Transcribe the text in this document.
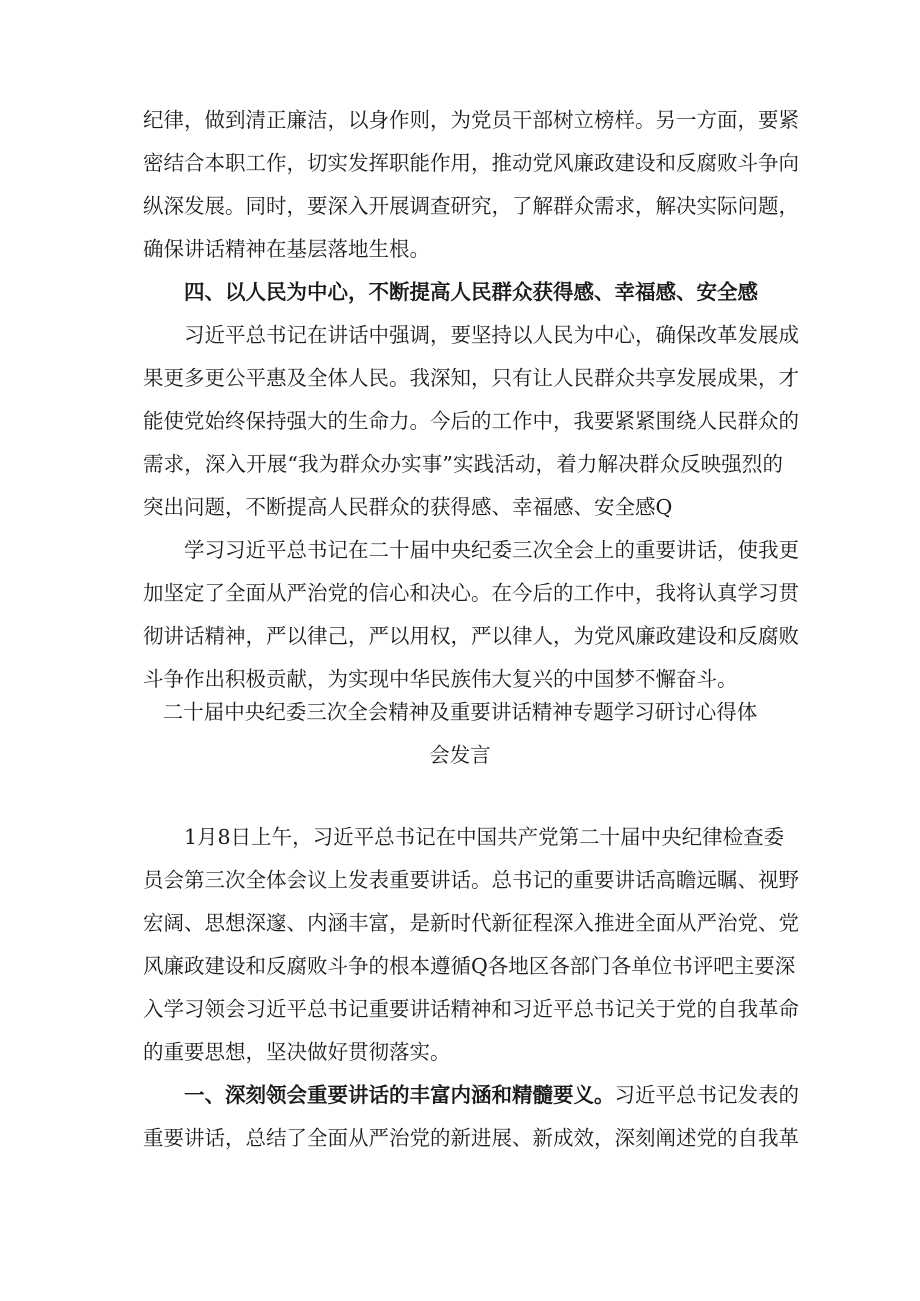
纪律，做到清正廉洁，以身作则，为党员干部树立榜样。另一方面，要紧
密结合本职工作，切实发挥职能作用，推动党风廉政建设和反腐败斗争向
纵深发展。同时，要深入开展调查研究，了解群众需求，解决实际问题，
确保讲话精神在基层落地生根。
四、以人民为中心，不断提高人民群众获得感、幸福感、安全感
习近平总书记在讲话中强调，要坚持以人民为中心，确保改革发展成
果更多更公平惠及全体人民。我深知，只有让人民群众共享发展成果，才
能使党始终保持强大的生命力。今后的工作中，我要紧紧围绕人民群众的
需求，深入开展“我为群众办实事”实践活动，着力解决群众反映强烈的
突出问题，不断提高人民群众的获得感、幸福感、安全感Q
学习习近平总书记在二十届中央纪委三次全会上的重要讲话，使我更
加坚定了全面从严治党的信心和决心。在今后的工作中，我将认真学习贯
彻讲话精神，严以律己，严以用权，严以律人，为党风廉政建设和反腐败
斗争作出积极贡献，为实现中华民族伟大复兴的中国梦不懈奋斗。
二十届中央纪委三次全会精神及重要讲话精神专题学习研讨心得体
会发言
1月8日上午，习近平总书记在中国共产党第二十届中央纪律检查委
员会第三次全体会议上发表重要讲话。总书记的重要讲话高瞻远瞩、视野
宏阔、思想深邃、内涵丰富，是新时代新征程深入推进全面从严治党、党
风廉政建设和反腐败斗争的根本遵循Q各地区各部门各单位书评吧主要深
入学习领会习近平总书记重要讲话精神和习近平总书记关于党的自我革命
的重要思想，坚决做好贯彻落实。
一、深刻领会重要讲话的丰富内涵和精髓要义。习近平总书记发表的
重要讲话，总结了全面从严治党的新进展、新成效，深刻阐述党的自我革
